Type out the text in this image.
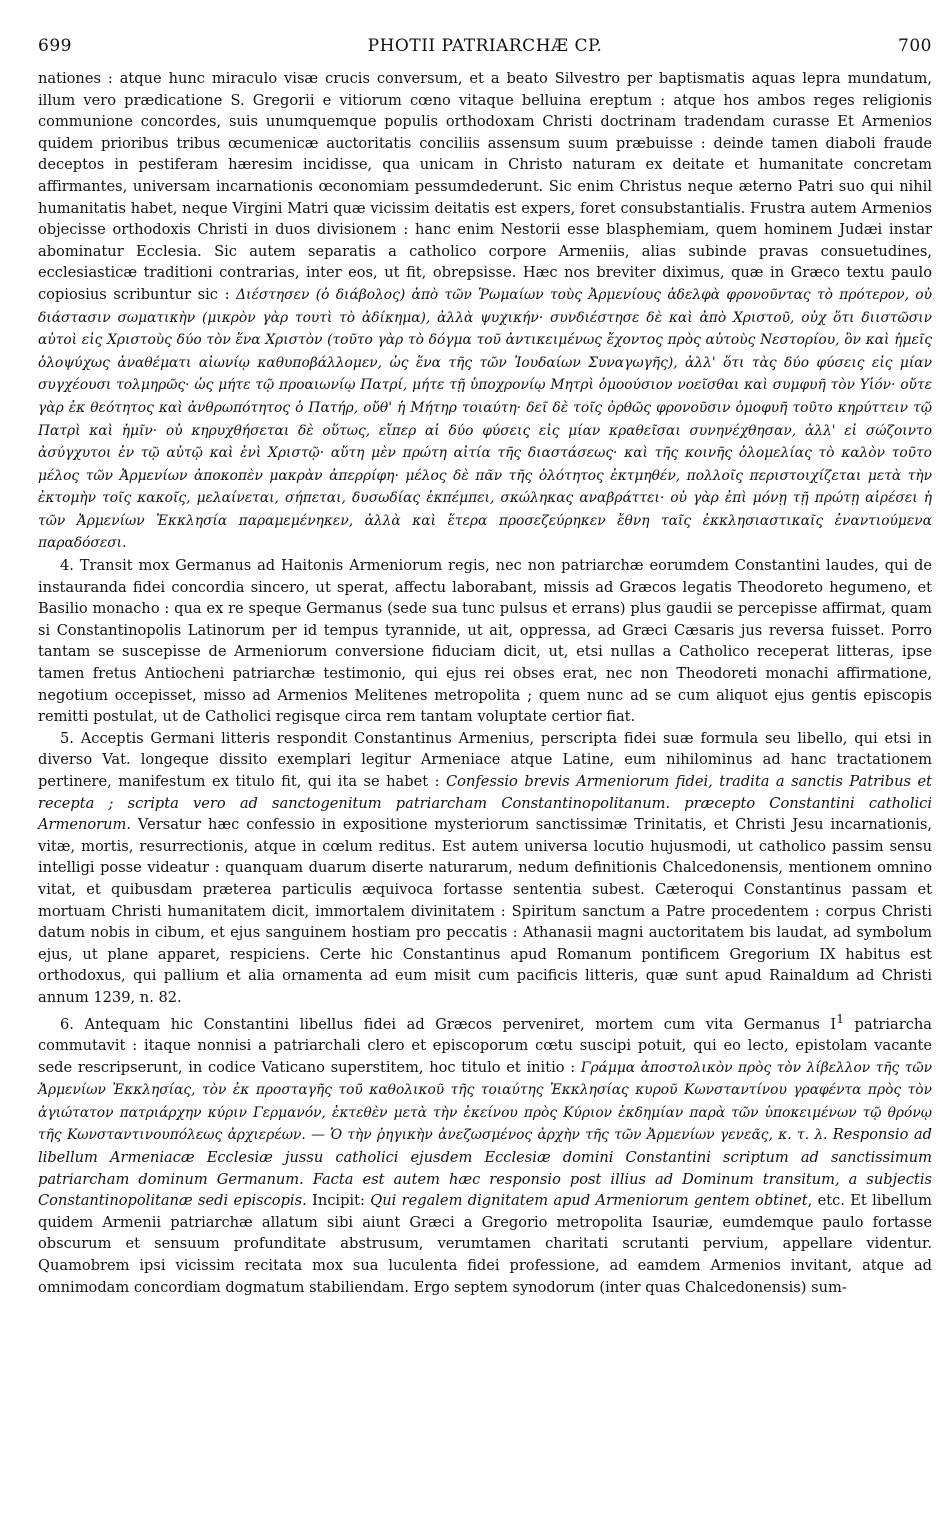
699	PHOTII PATRIARCHÆ CP.	700

nationes : atque hunc miraculo visæ crucis conversum, et a beato Silvestro per baptismatis aquas lepra mundatum, illum vero prædicatione S. Gregorii e vitiorum cœno vitaque belluina ereptum : atque hos ambos reges religionis communione concordes, suis unumquemque populis orthodoxam Christi doctrinam tradendam curasse Et Armenios quidem prioribus tribus œcumenicæ auctoritatis conciliis assensum suum præbuisse : deinde tamen diaboli fraude deceptos in pestiferam hæresim incidisse, qua unicam in Christo naturam ex deitate et humanitate concretam affirmantes, universam incarnationis œconomiam pessumdederunt. Sic enim Christus neque æterno Patri suo qui nihil humanitatis habet, neque Virgini Matri quæ vicissim deitatis est expers, foret consubstantialis. Frustra autem Armenios objecisse orthodoxis Christi in duos divisionem : hanc enim Nestorii esse blasphemiam, quem hominem Judæi instar abominatur Ecclesia. Sic autem separatis a catholico corpore Armeniis, alias subinde pravas consuetudines, ecclesiasticæ traditioni contrarias, inter eos, ut fit, obrepsisse. Hæc nos breviter diximus, quæ in Græco textu paulo copiosius scribuntur sic : Διέστησεν (ὁ διάβολος) ἀπὸ τῶν Ῥωμαίων τοὺς Ἀρμενίους ἀδελφὰ φρονοῦντας τὸ πρότερον, οὐ διάστασιν σωματικὴν (μικρὸν γὰρ τουτὶ τὸ ἀδίκημα), ἀλλὰ ψυχικήν· συνδιέστησε δὲ καὶ ἀπὸ Χριστοῦ, οὐχ ὅτι διιστῶσιν αὐτοὶ εἰς Χριστοὺς δύο τὸν ἕνα Χριστὸν (τοῦτο γὰρ τὸ δόγμα τοῦ ἀντικειμένως ἔχοντος πρὸς αὐτοὺς Νεστορίου, ὃν καὶ ἡμεῖς ὁλοψύχως ἀναθέματι αἰωνίῳ καθυποβάλλομεν, ὡς ἕνα τῆς τῶν Ἰουδαίων Συναγωγῆς), ἀλλ' ὅτι τὰς δύο φύσεις εἰς μίαν συγχέουσι τολμηρῶς· ὡς μήτε τῷ προαιωνίῳ Πατρί, μήτε τῇ ὑποχρονίῳ Μητρὶ ὁμοούσιον νοεῖσθαι καὶ συμφυῆ τὸν Υἱόν· οὔτε γὰρ ἐκ θεότητος καὶ ἀνθρωπότητος ὁ Πατήρ, οὔθ' ἡ Μήτηρ τοιαύτη· δεῖ δὲ τοῖς ὀρθῶς φρονοῦσιν ὁμοφυῆ τοῦτο κηρύττειν τῷ Πατρὶ καὶ ἡμῖν· οὐ κηρυχθήσεται δὲ οὕτως, εἴπερ αἱ δύο φύσεις εἰς μίαν κραθεῖσαι συνηνέχθησαν, ἀλλ' εἰ σώζοιντο ἀσύγχυτοι ἐν τῷ αὐτῷ καὶ ἑνὶ Χριστῷ· αὕτη μὲν πρώτη αἰτία τῆς διαστάσεως· καὶ τῆς κοινῆς ὁλομελίας τὸ καλὸν τοῦτο μέλος τῶν Ἀρμενίων ἀποκοπὲν μακρὰν ἀπερρίφη· μέλος δὲ πᾶν τῆς ὁλότητος ἐκτμηθέν, πολλοῖς περιστοιχίζεται μετὰ τὴν ἐκτομὴν τοῖς κακοῖς, μελαίνεται, σήπεται, δυσωδίας ἐκπέμπει, σκώληκας αναβράττει· οὐ γὰρ ἐπὶ μόνῃ τῇ πρώτῃ αἱρέσει ἡ τῶν Ἀρμενίων Ἐκκλησία παραμεμένηκεν, ἀλλὰ καὶ ἕτερα προσεζεύρηκεν ἔθνη ταῖς ἐκκλησιαστικαῖς ἐναντιούμενα παραδόσεσι.

4. Transit mox Germanus ad Haitonis Armeniorum regis, nec non patriarchæ eorumdem Constantini laudes, qui de instauranda fidei concordia sincero, ut sperat, affectu laborabant, missis ad Græcos legatis Theodoreto hegumeno, et Basilio monacho : qua ex re speque Germanus (sede sua tunc pulsus et errans) plus gaudii se percepisse affirmat, quam si Constantinopolis Latinorum per id tempus tyrannide, ut ait, oppressa, ad Græci Cæsaris jus reversa fuisset. Porro tantam se suscepisse de Armeniorum conversione fiduciam dicit, ut, etsi nullas a Catholico receperat litteras, ipse tamen fretus Antiocheni patriarchæ testimonio, qui ejus rei obses erat, nec non Theodoreti monachi affirmatione, negotium occepisset, misso ad Armenios Melitenes metropolita ; quem nunc ad se cum aliquot ejus gentis episcopis remitti postulat, ut de Catholici regisque circa rem tantam voluptate certior fiat.

5. Acceptis Germani litteris respondit Constantinus Armenius, perscripta fidei suæ formula seu libello, qui etsi in diverso Vat. longeque dissito exemplari legitur Armeniace atque Latine, eum nihilominus ad hanc tractationem pertinere, manifestum ex titulo fit, qui ita se habet : Confessio brevis Armeniorum fidei, tradita a sanctis Patribus et recepta ; scripta vero ad sanctogenitum patriarcham Constantinopolitanum. præcepto Constantini catholici Armenorum. Versatur hæc confessio in expositione mysteriorum sanctissimæ Trinitatis, et Christi Jesu incarnationis, vitæ, mortis, resurrectionis, atque in cœlum reditus. Est autem universa locutio hujusmodi, ut catholico passim sensu intelligi posse videatur : quanquam duarum diserte naturarum, nedum definitionis Chalcedonensis, mentionem omnino vitat, et quibusdam præterea particulis æquivoca fortasse sententia subest. Cæteroqui Constantinus passam et mortuam Christi humanitatem dicit, immortalem divinitatem : Spiritum sanctum a Patre procedentem : corpus Christi datum nobis in cibum, et ejus sanguinem hostiam pro peccatis : Athanasii magni auctoritatem bis laudat, ad symbolum ejus, ut plane apparet, respiciens. Certe hic Constantinus apud Romanum pontificem Gregorium IX habitus est orthodoxus, qui pallium et alia ornamenta ad eum misit cum pacificis litteris, quæ sunt apud Rainaldum ad Christi annum 1239, n. 82.

6. Antequam hic Constantini libellus fidei ad Græcos perveniret, mortem cum vita Germanus $I^1$ patriarcha commutavit : itaque nonnisi a patriarchali clero et episcoporum cœtu suscipi potuit, qui eo lecto, epistolam vacante sede rescripserunt, in codice Vaticano superstitem, hoc titulo et initio : Γράμμα ἀποστολικὸν πρὸς τὸν λίβελλον τῆς τῶν Ἀρμενίων Ἐκκλησίας, τὸν ἐκ προσταγῆς τοῦ καθολικοῦ τῆς τοιαύτης Ἐκκλησίας κυροῦ Κωνσταντίνου γραφέντα πρὸς τὸν ἁγιώτατον πατριάρχην κύριν Γερμανόν, ἐκτεθὲν μετὰ τὴν ἐκείνου πρὸς Κύριον ἐκδημίαν παρὰ τῶν ὑποκειμένων τῷ θρόνῳ τῆς Κωνσταντινουπόλεως ἀρχιερέων. — Ὁ τὴν ῥηγικὴν ἀνεζωσμένος ἀρχὴν τῆς τῶν Ἀρμενίων γενεᾶς, κ. τ. λ. Responsio ad libellum Armeniacæ Ecclesiæ jussu catholici ejusdem Ecclesiæ domini Constantini scriptum ad sanctissimum patriarcham dominum Germanum. Facta est autem hæc responsio post illius ad Dominum transitum, a subjectis Constantinopolitanæ sedi episcopis. Incipit: Qui regalem dignitatem apud Armeniorum gentem obtinet, etc. Et libellum quidem Armenii patriarchæ allatum sibi aiunt Græci a Gregorio metropolita Isauriæ, eumdemque paulo fortasse obscurum et sensuum profunditate abstrusum, verumtamen charitati scrutanti pervium, appellare videntur. Quamobrem ipsi vicissim recitata mox sua luculenta fidei professione, ad eamdem Armenios invitant, atque ad omnimodam concordiam dogmatum stabiliendam. Ergo septem synodorum (inter quas Chalcedonensis) sum-
